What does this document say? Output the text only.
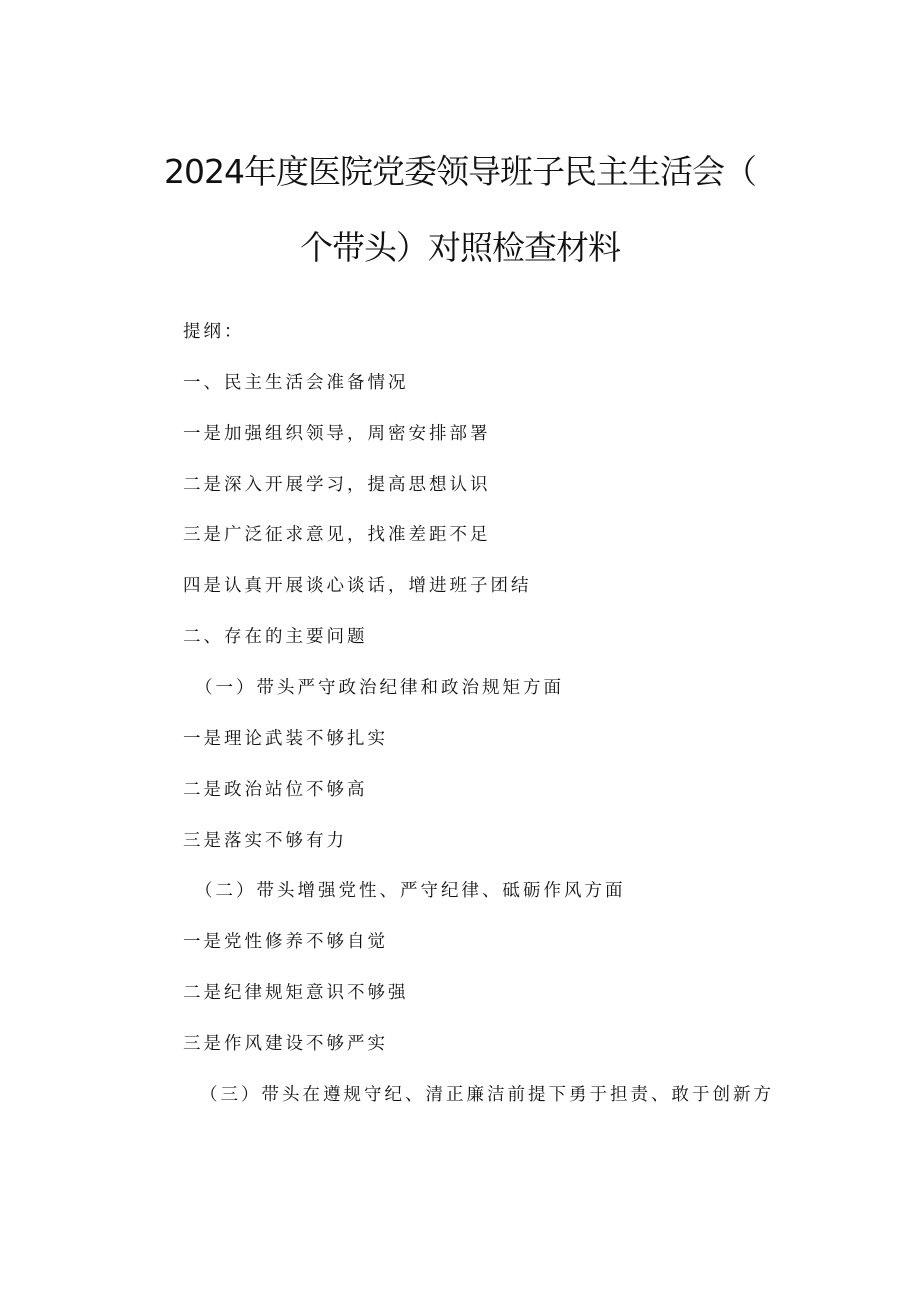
2024年度医院党委领导班子民主生活会（
个带头）对照检查材料

提纲：

一、民主生活会准备情况

一是加强组织领导，周密安排部署

二是深入开展学习，提高思想认识

三是广泛征求意见，找准差距不足

四是认真开展谈心谈话，增进班子团结

二、存在的主要问题

（一）带头严守政治纪律和政治规矩方面

一是理论武装不够扎实

二是政治站位不够高

三是落实不够有力

（二）带头增强党性、严守纪律、砥砺作风方面

一是党性修养不够自觉

二是纪律规矩意识不够强

三是作风建设不够严实

（三）带头在遵规守纪、清正廉洁前提下勇于担责、敢于创新方
